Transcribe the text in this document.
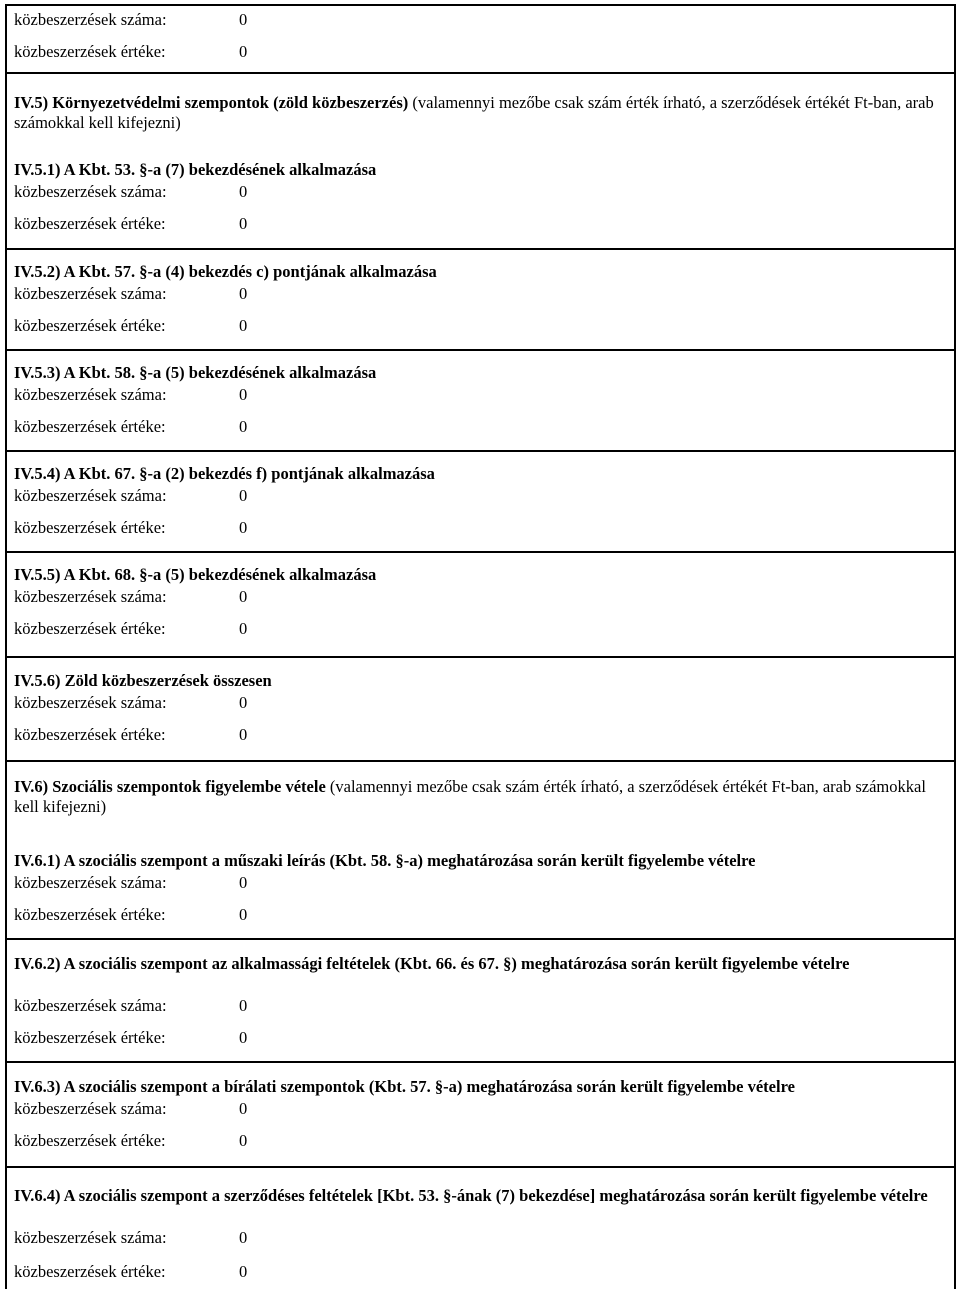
közbeszerzések száma:	0
közbeszerzések értéke:	0
IV.5) Környezetvédelmi szempontok (zöld közbeszerzés) (valamennyi mezőbe csak szám érték írható, a szerződések értékét Ft-ban, arab számokkal kell kifejezni)
IV.5.1) A Kbt. 53. §-a (7) bekezdésének alkalmazása
közbeszerzések száma:	0
közbeszerzések értéke:	0
IV.5.2) A Kbt. 57. §-a (4) bekezdés c) pontjának alkalmazása
közbeszerzések száma:	0
közbeszerzések értéke:	0
IV.5.3) A Kbt. 58. §-a (5) bekezdésének alkalmazása
közbeszerzések száma:	0
közbeszerzések értéke:	0
IV.5.4) A Kbt. 67. §-a (2) bekezdés f) pontjának alkalmazása
közbeszerzések száma:	0
közbeszerzések értéke:	0
IV.5.5) A Kbt. 68. §-a (5) bekezdésének alkalmazása
közbeszerzések száma:	0
közbeszerzések értéke:	0
IV.5.6) Zöld közbeszerzések összesen
közbeszerzések száma:	0
közbeszerzések értéke:	0
IV.6) Szociális szempontok figyelembe vétele (valamennyi mezőbe csak szám érték írható, a szerződések értékét Ft-ban, arab számokkal kell kifejezni)
IV.6.1) A szociális szempont a műszaki leírás (Kbt. 58. §-a) meghatározása során került figyelembe vételre
közbeszerzések száma:	0
közbeszerzések értéke:	0
IV.6.2) A szociális szempont az alkalmassági feltételek (Kbt. 66. és 67. §) meghatározása során került figyelembe vételre
közbeszerzések száma:	0
közbeszerzések értéke:	0
IV.6.3) A szociális szempont a bírálati szempontok (Kbt. 57. §-a) meghatározása során került figyelembe vételre
közbeszerzések száma:	0
közbeszerzések értéke:	0
IV.6.4) A szociális szempont a szerződéses feltételek [Kbt. 53. §-ának (7) bekezdése] meghatározása során került figyelembe vételre
közbeszerzések száma:	0
közbeszerzések értéke:	0
